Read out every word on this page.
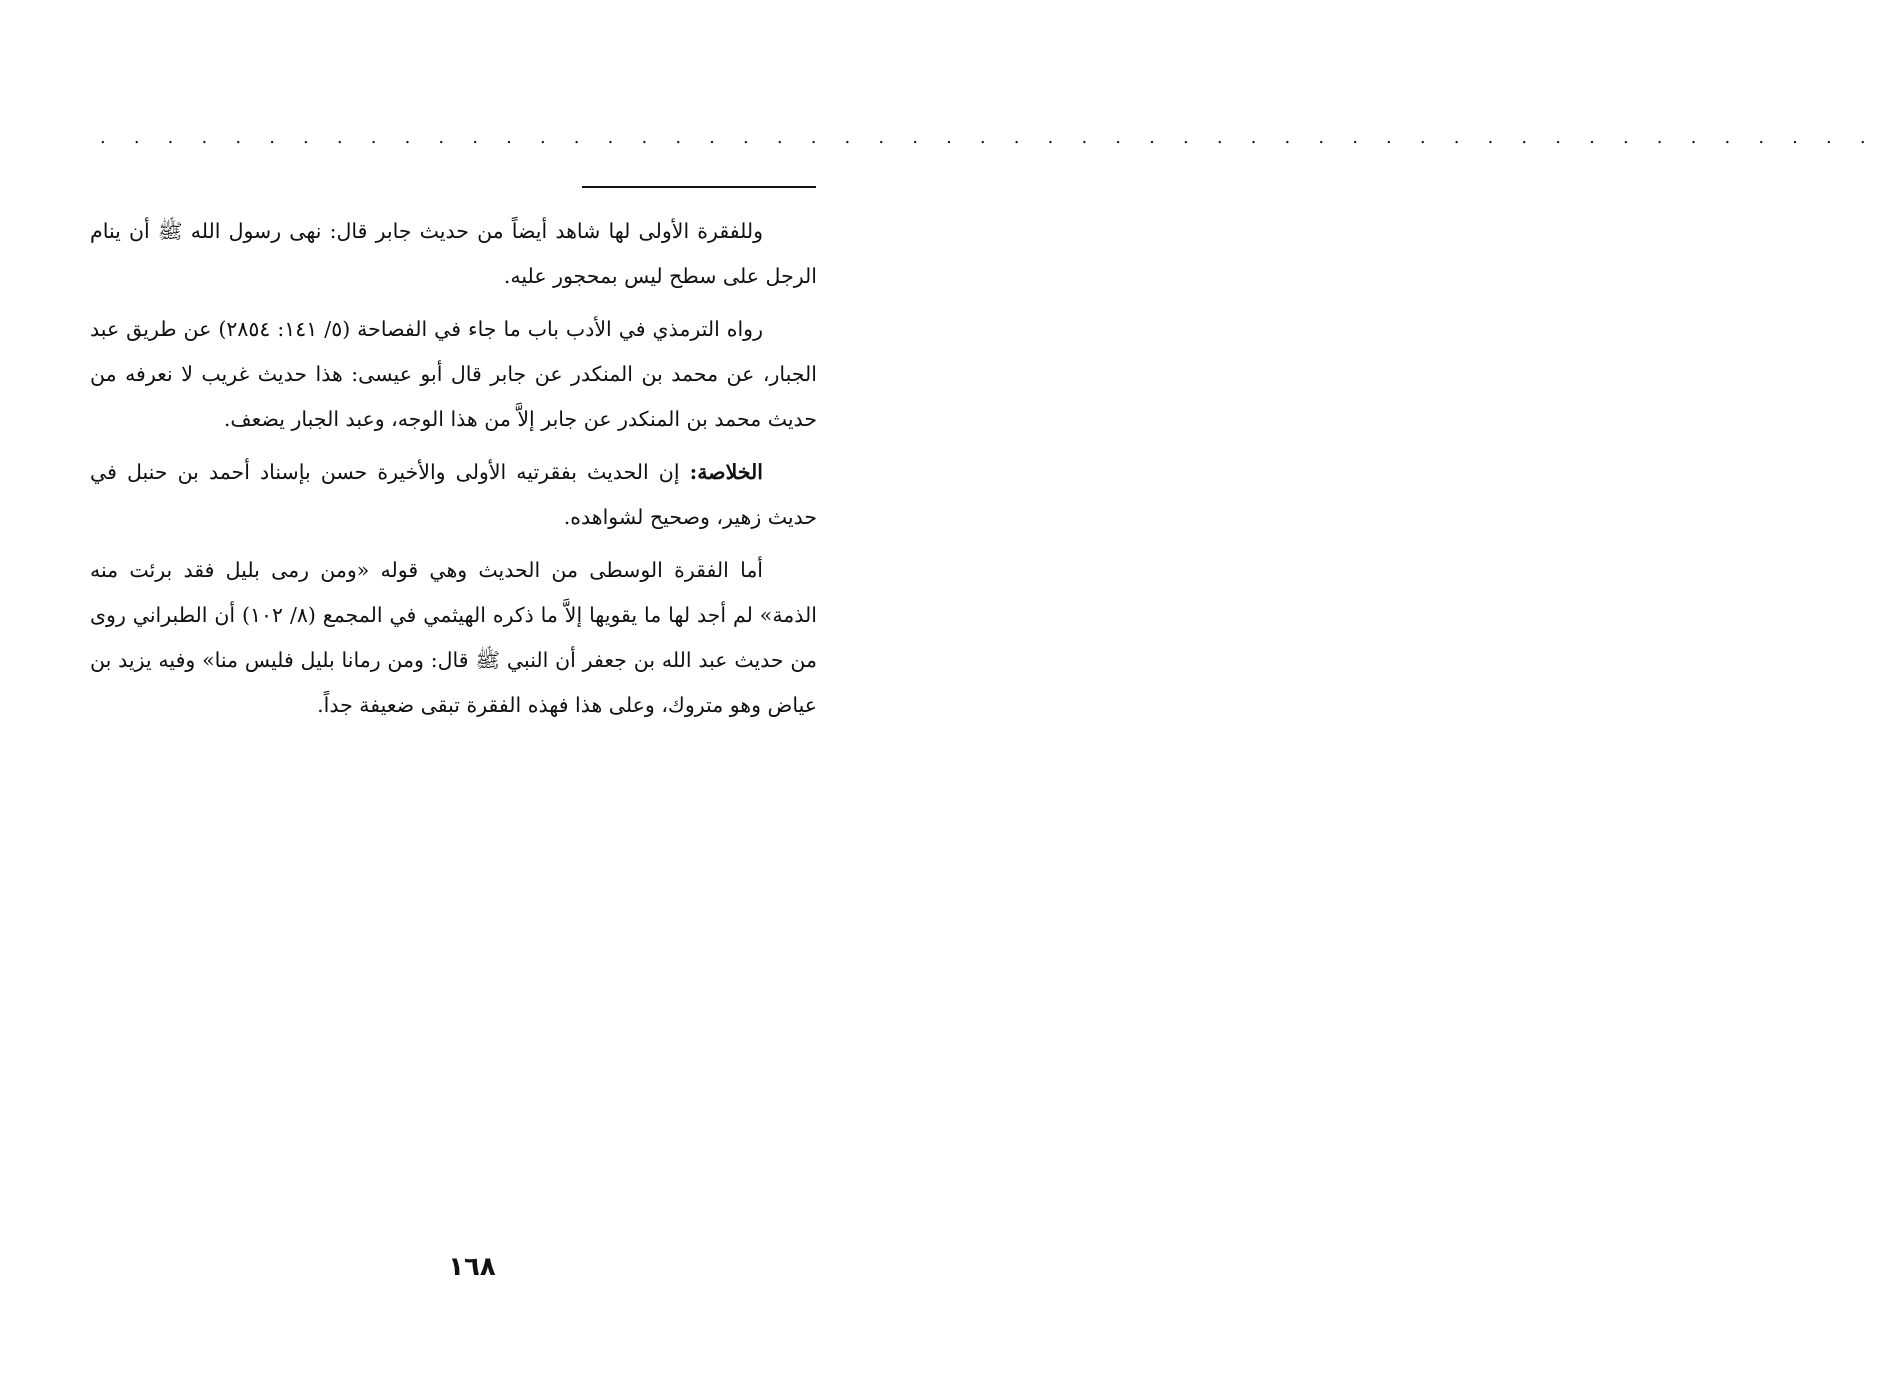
. . . . . . . . . . . . . . . . . . . . . . . . . . . . . . . . . . . . . . . . . . . . . . . . . . . . .

وللفقرة الأولى لها شاهد أيضاً من حديث جابر قال: نهى رسول الله ﷺ أن ينام الرجل على سطح ليس بمحجور عليه.

رواه الترمذي في الأدب باب ما جاء في الفصاحة (٥/ ١٤١: ٢٨٥٤) عن طريق عبد الجبار، عن محمد بن المنكدر عن جابر قال أبو عيسى: هذا حديث غريب لا نعرفه من حديث محمد بن المنكدر عن جابر إلاَّ من هذا الوجه، وعبد الجبار يضعف.

الخلاصة: إن الحديث بفقرتيه الأولى والأخيرة حسن بإسناد أحمد بن حنبل في حديث زهير، وصحيح لشواهده.

أما الفقرة الوسطى من الحديث وهي قوله «ومن رمى بليل فقد برئت منه الذمة» لم أجد لها ما يقويها إلاَّ ما ذكره الهيثمي في المجمع (٨/ ١٠٢) أن الطبراني روى من حديث عبد الله بن جعفر أن النبي ﷺ قال: ومن رمانا بليل فليس منا» وفيه يزيد بن عياض وهو متروك، وعلى هذا فهذه الفقرة تبقى ضعيفة جداً.

١٦٨
